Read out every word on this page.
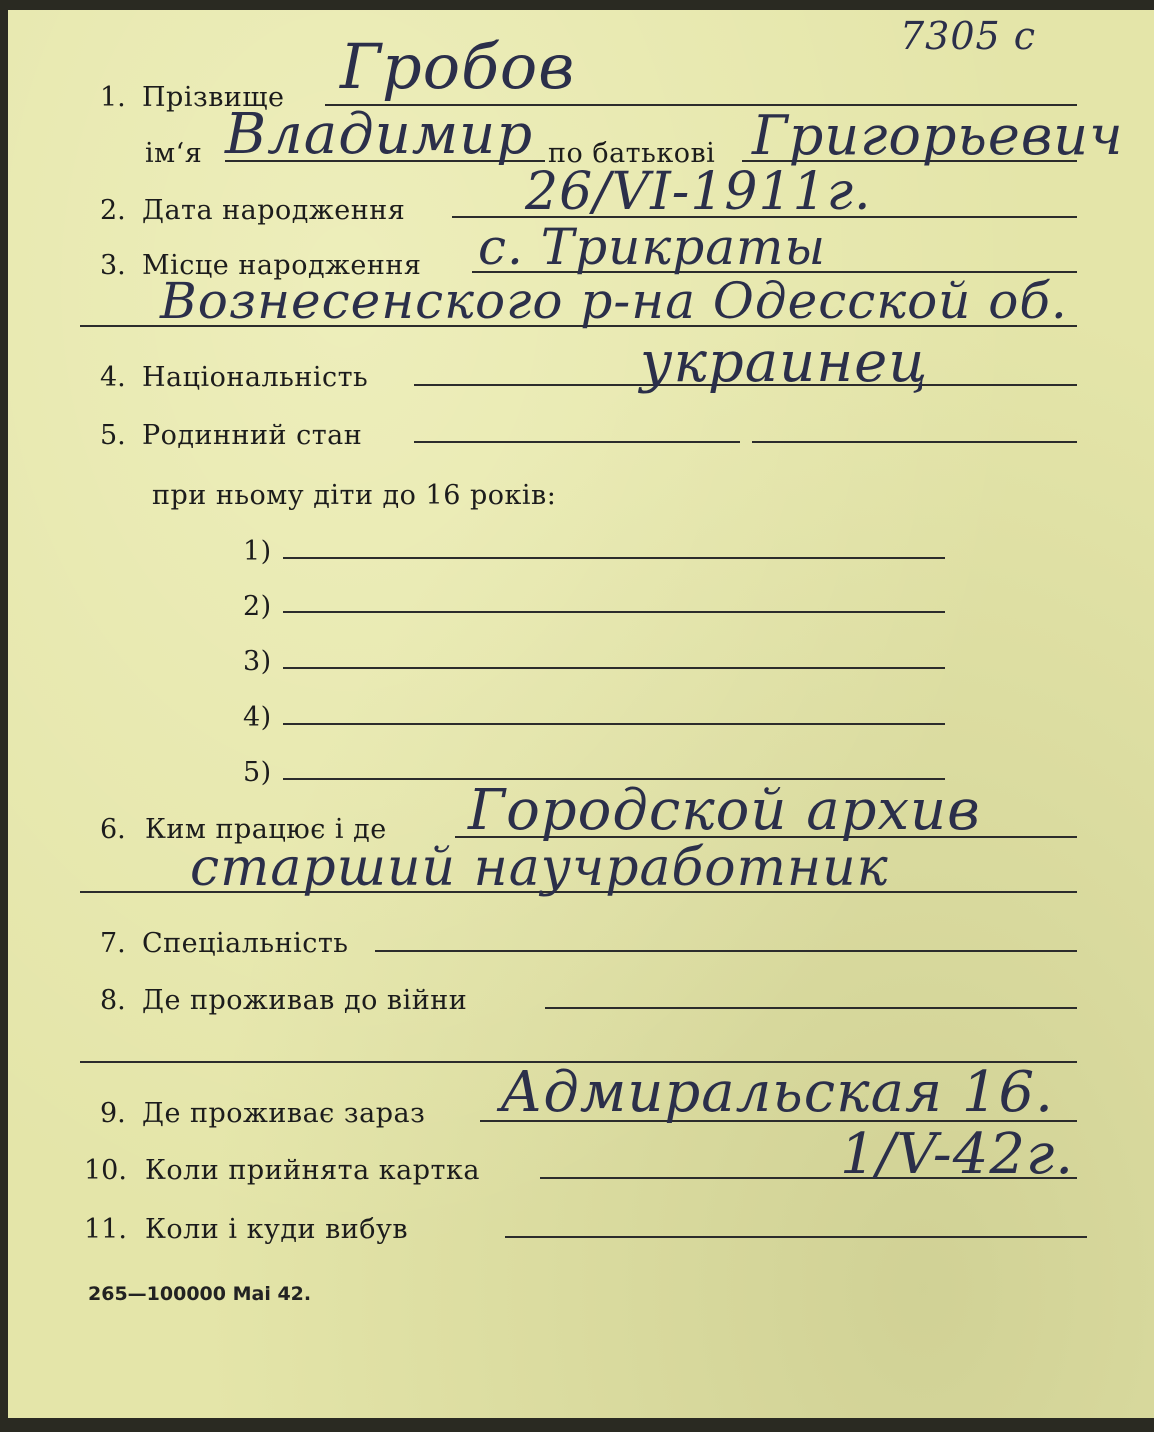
7305 с
1. Прізвище Гробов
ім‘я Владимир по батькові Григорьевич
2. Дата народження 26/VI-1911г.
3. Місце народження с. Трикраты
Вознесенского р-на Одесской об.
4. Національність	украинец
5. Родинний стан
при ньому діти до 16 років:
1)
2)
3)
4)
5)
6. Ким працює і де Городской архив
старший научработник
7. Спеціальність
8. Де проживав до війни
9. Де проживає зараз Адмиральская 16.
10. Коли прийнята картка	1/V-42г.
11. Коли і куди вибув
265—100000 Mai 42.
